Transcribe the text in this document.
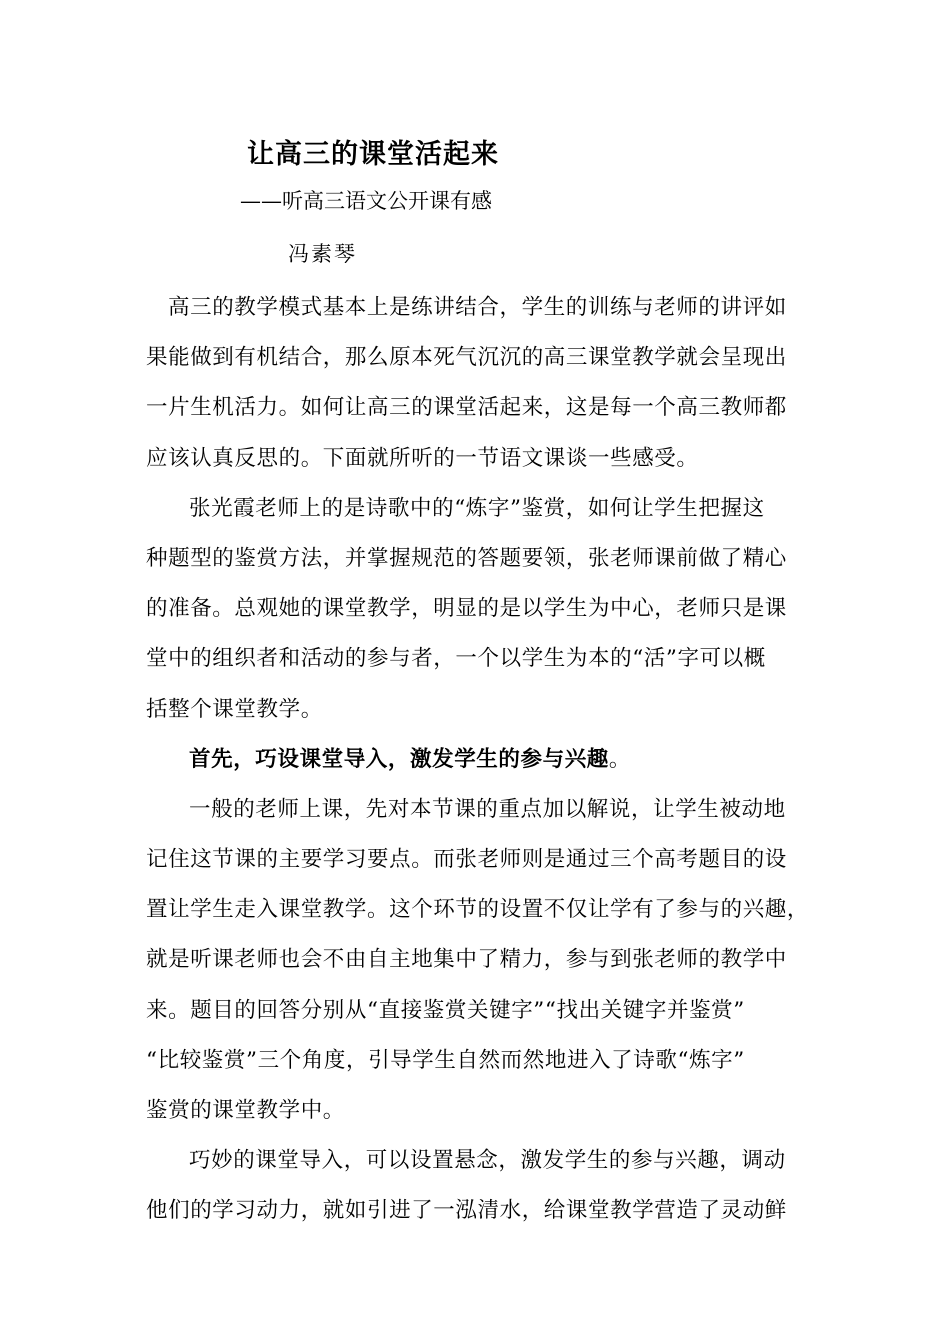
让高三的课堂活起来
——听高三语文公开课有感
冯素琴
高三的教学模式基本上是练讲结合，学生的训练与老师的讲评如
果能做到有机结合，那么原本死气沉沉的高三课堂教学就会呈现出
一片生机活力。如何让高三的课堂活起来，这是每一个高三教师都
应该认真反思的。下面就所听的一节语文课谈一些感受。
张光霞老师上的是诗歌中的“炼字”鉴赏，如何让学生把握这
种题型的鉴赏方法，并掌握规范的答题要领，张老师课前做了精心
的准备。总观她的课堂教学，明显的是以学生为中心，老师只是课
堂中的组织者和活动的参与者，一个以学生为本的“活”字可以概
括整个课堂教学。
首先，巧设课堂导入，激发学生的参与兴趣。
一般的老师上课，先对本节课的重点加以解说，让学生被动地
记住这节课的主要学习要点。而张老师则是通过三个高考题目的设
置让学生走入课堂教学。这个环节的设置不仅让学有了参与的兴趣，
就是听课老师也会不由自主地集中了精力，参与到张老师的教学中
来。题目的回答分别从“直接鉴赏关键字”“找出关键字并鉴赏”
“比较鉴赏”三个角度，引导学生自然而然地进入了诗歌“炼字”
鉴赏的课堂教学中。
巧妙的课堂导入，可以设置悬念，激发学生的参与兴趣，调动
他们的学习动力，就如引进了一泓清水，给课堂教学营造了灵动鲜
